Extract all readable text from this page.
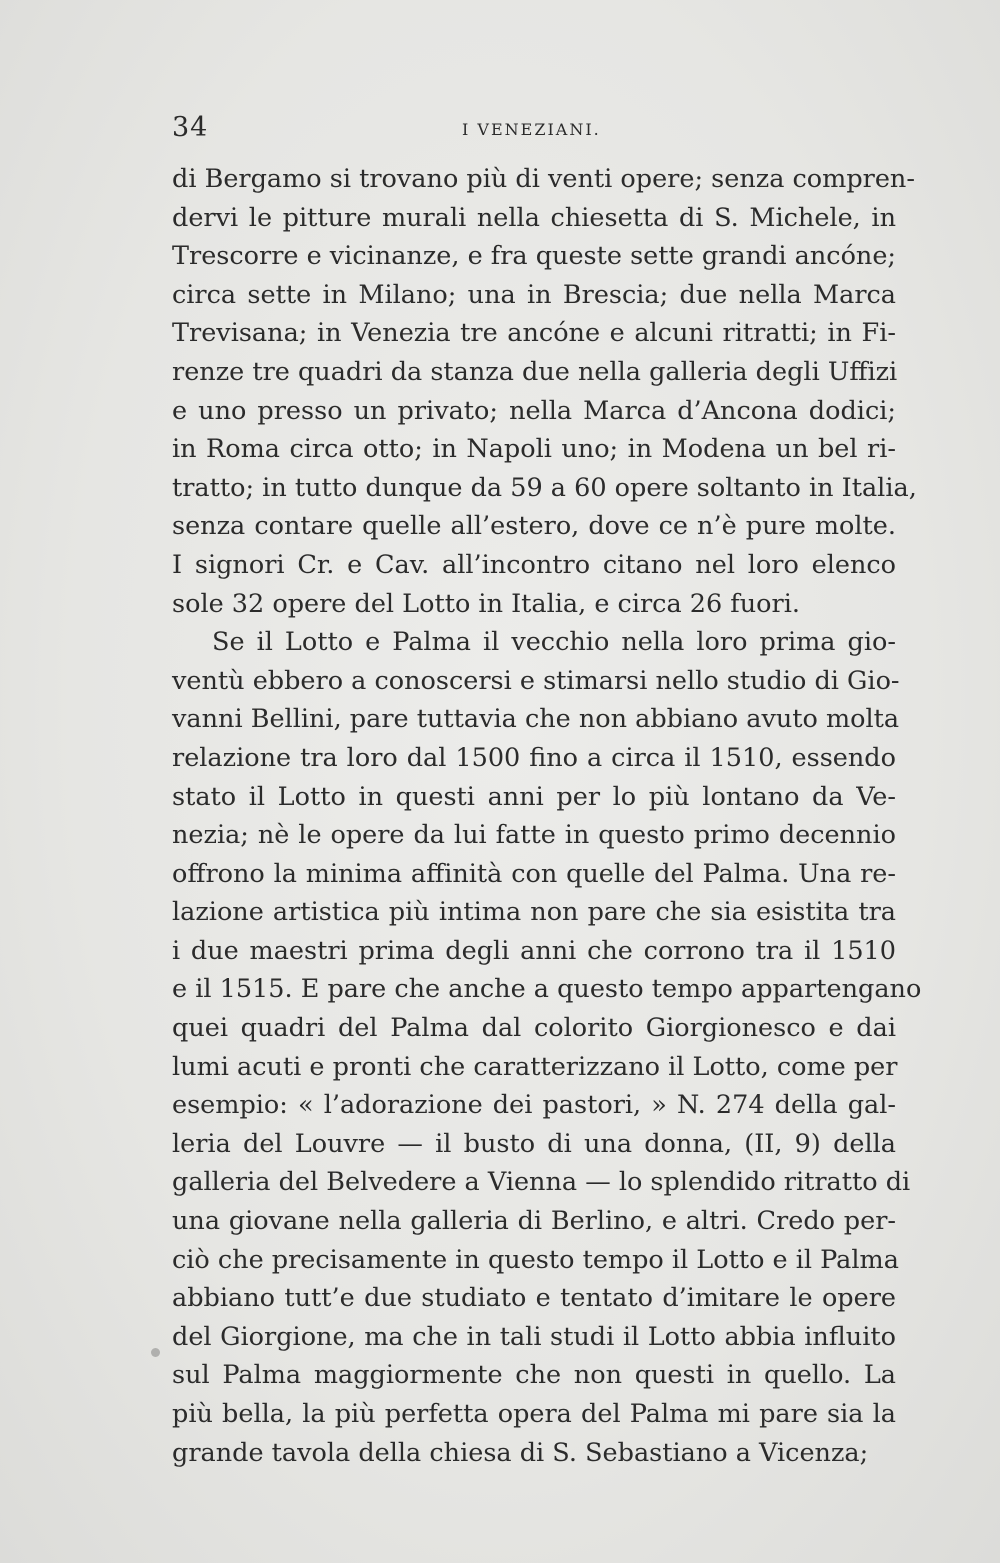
34	I VENEZIANI.
di Bergamo si trovano più di venti opere; senza compren-
dervi le pitture murali nella chiesetta di S. Michele, in
Trescorre e vicinanze, e fra queste sette grandi ancóne;
circa sette in Milano; una in Brescia; due nella Marca
Trevisana; in Venezia tre ancóne e alcuni ritratti; in Fi-
renze tre quadri da stanza due nella galleria degli Uffizi
e uno presso un privato; nella Marca d’Ancona dodici;
in Roma circa otto; in Napoli uno; in Modena un bel ri-
tratto; in tutto dunque da 59 a 60 opere soltanto in Italia,
senza contare quelle all’estero, dove ce n’è pure molte.
I signori Cr. e Cav. all’incontro citano nel loro elenco
sole 32 opere del Lotto in Italia, e circa 26 fuori.
Se il Lotto e Palma il vecchio nella loro prima gio-
ventù ebbero a conoscersi e stimarsi nello studio di Gio-
vanni Bellini, pare tuttavia che non abbiano avuto molta
relazione tra loro dal 1500 fino a circa il 1510, essendo
stato il Lotto in questi anni per lo più lontano da Ve-
nezia; nè le opere da lui fatte in questo primo decennio
offrono la minima affinità con quelle del Palma. Una re-
lazione artistica più intima non pare che sia esistita tra
i due maestri prima degli anni che corrono tra il 1510
e il 1515. E pare che anche a questo tempo appartengano
quei quadri del Palma dal colorito Giorgionesco e dai
lumi acuti e pronti che caratterizzano il Lotto, come per
esempio: « l’adorazione dei pastori, » N. 274 della gal-
leria del Louvre — il busto di una donna, (II, 9) della
galleria del Belvedere a Vienna — lo splendido ritratto di
una giovane nella galleria di Berlino, e altri. Credo per-
ciò che precisamente in questo tempo il Lotto e il Palma
abbiano tutt’e due studiato e tentato d’imitare le opere
del Giorgione, ma che in tali studi il Lotto abbia influito
sul Palma maggiormente che non questi in quello. La
più bella, la più perfetta opera del Palma mi pare sia la
grande tavola della chiesa di S. Sebastiano a Vicenza;
